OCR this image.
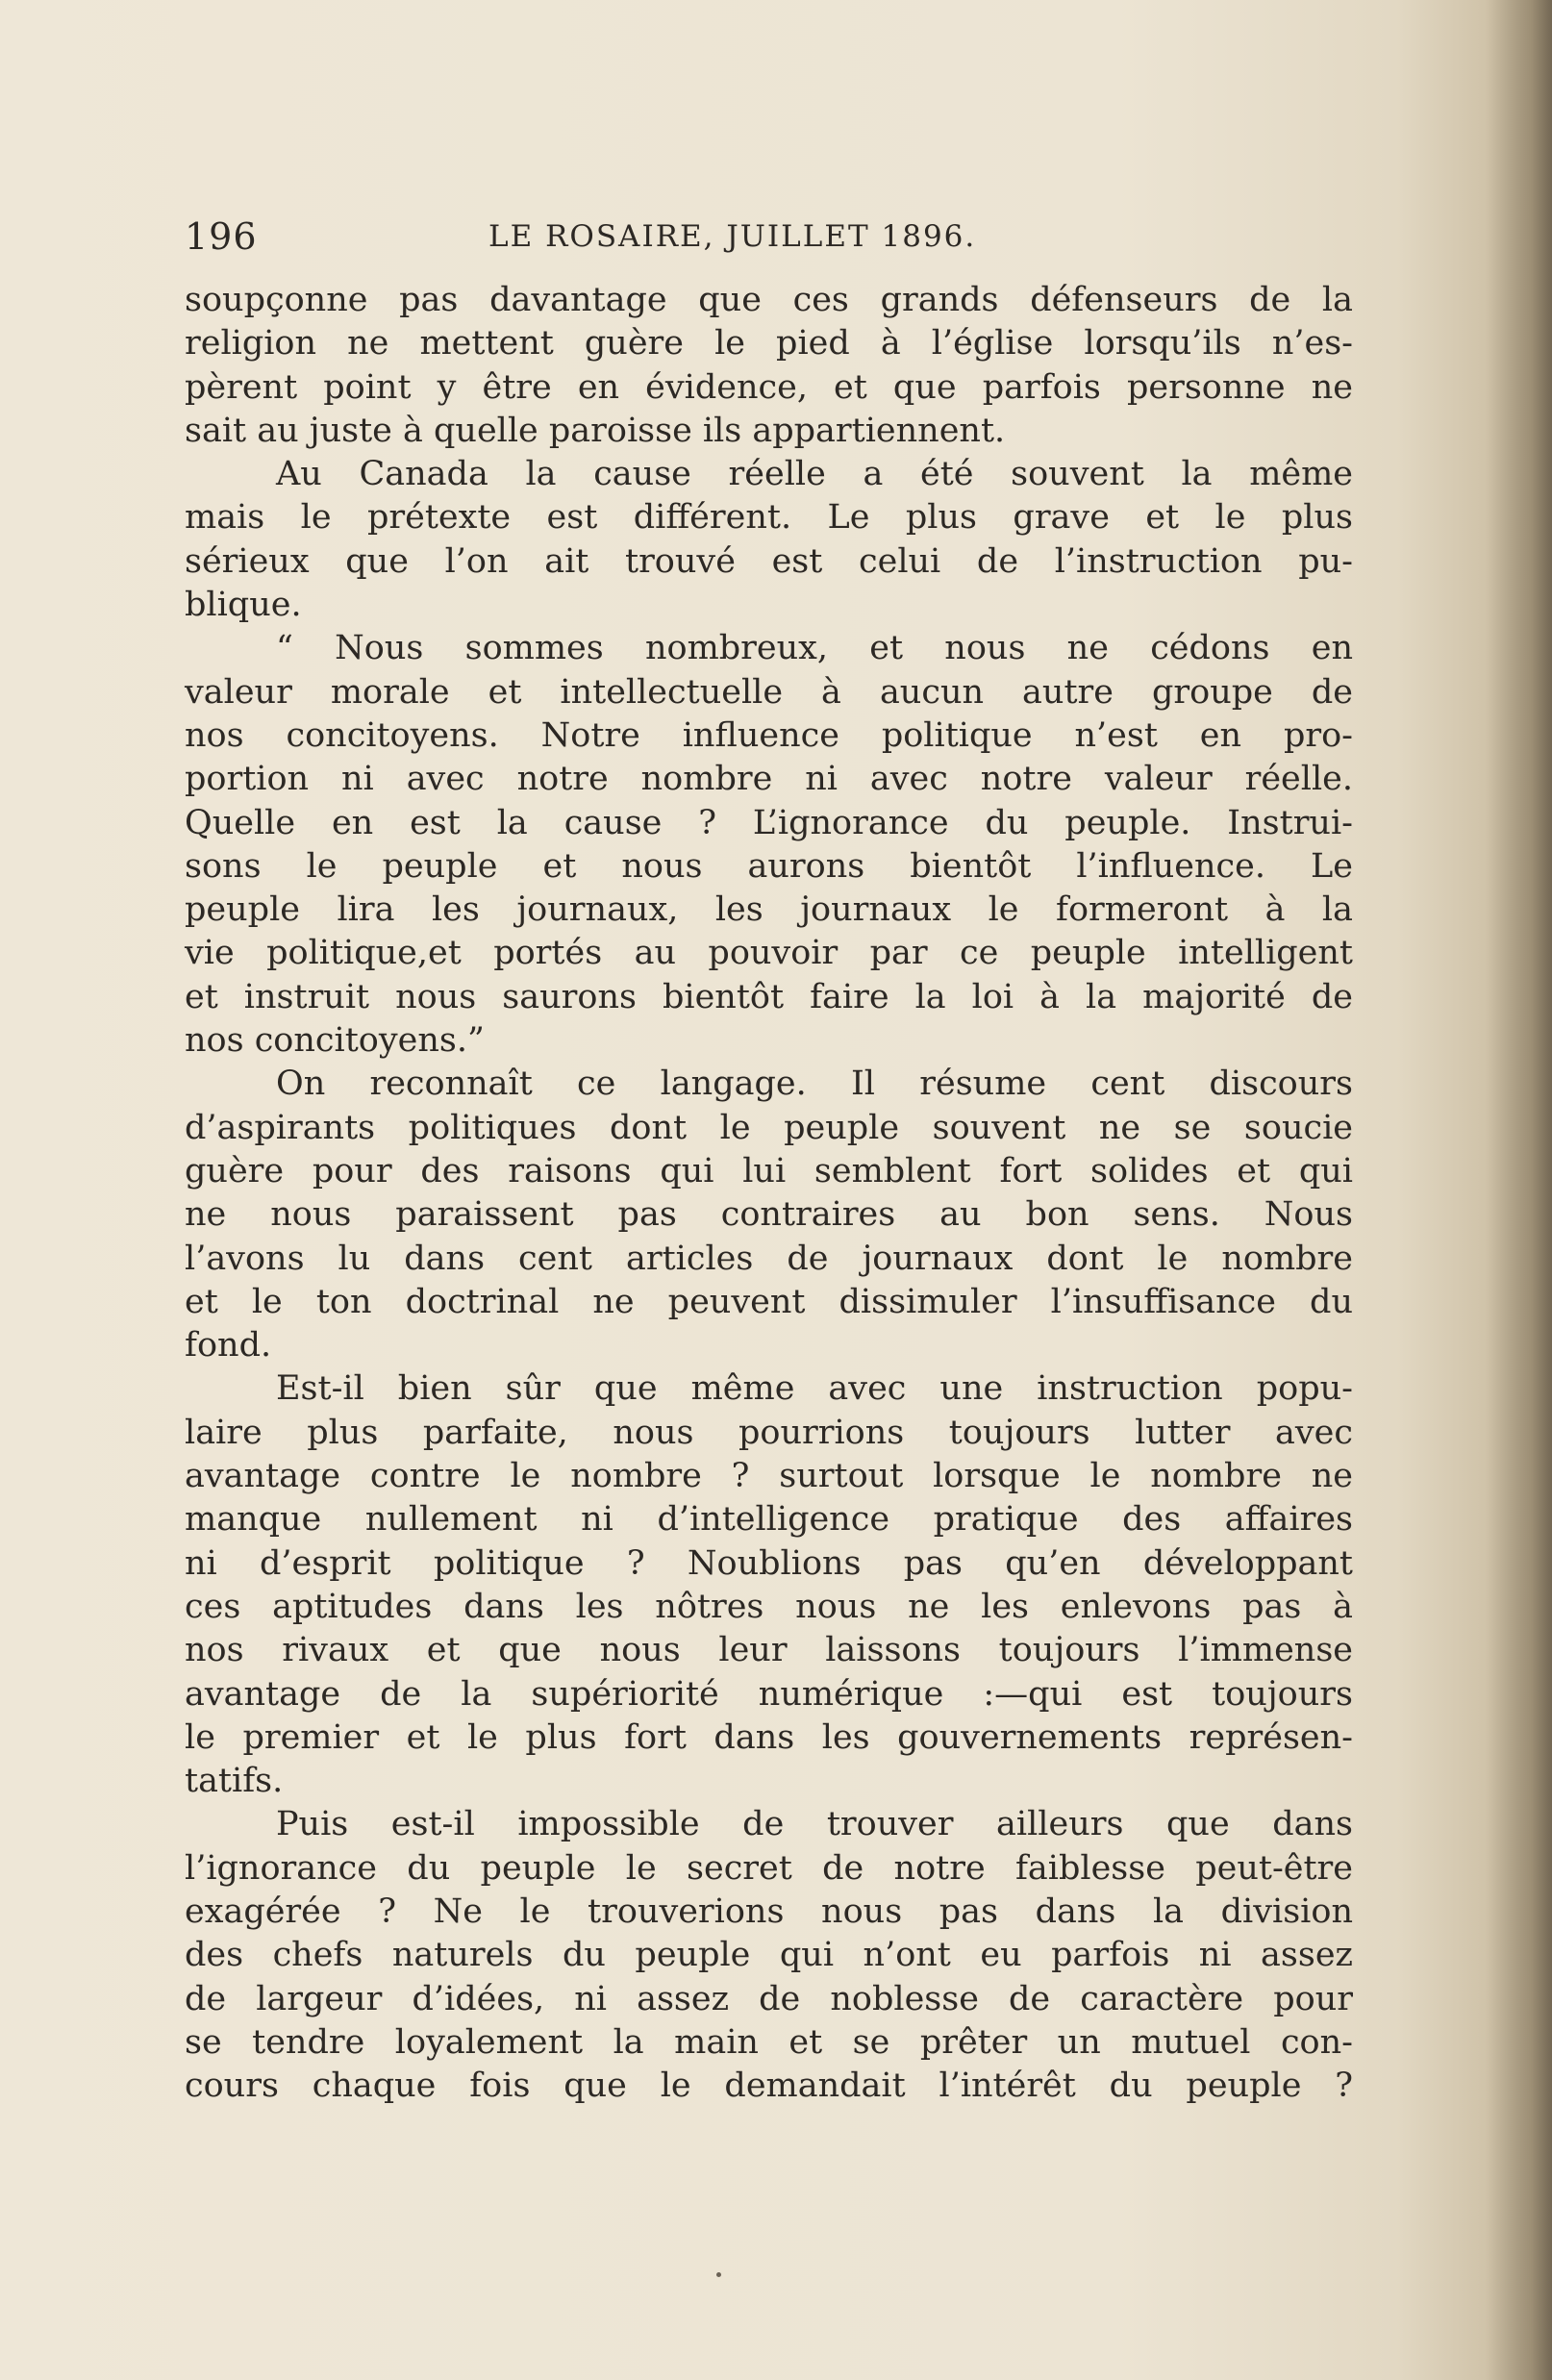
196	LE ROSAIRE, JUILLET 1896.
soupçonne pas davantage que ces grands défenseurs de la
religion ne mettent guère le pied à l’église lorsqu’ils n’es-
pèrent point y être en évidence, et que parfois personne ne
sait au juste à quelle paroisse ils appartiennent.
Au Canada la cause réelle a été souvent la même
mais le prétexte est différent. Le plus grave et le plus
sérieux que l’on ait trouvé est celui de l’instruction pu-
blique.
“ Nous sommes nombreux, et nous ne cédons en
valeur morale et intellectuelle à aucun autre groupe de
nos concitoyens. Notre influence politique n’est en pro-
portion ni avec notre nombre ni avec notre valeur réelle.
Quelle en est la cause ? L’ignorance du peuple. Instrui-
sons le peuple et nous aurons bientôt l’influence. Le
peuple lira les journaux, les journaux le formeront à la
vie politique,et portés au pouvoir par ce peuple intelligent
et instruit nous saurons bientôt faire la loi à la majorité de
nos concitoyens.”
On reconnaît ce langage. Il résume cent discours
d’aspirants politiques dont le peuple souvent ne se soucie
guère pour des raisons qui lui semblent fort solides et qui
ne nous paraissent pas contraires au bon sens. Nous
l’avons lu dans cent articles de journaux dont le nombre
et le ton doctrinal ne peuvent dissimuler l’insuffisance du
fond.
Est-il bien sûr que même avec une instruction popu-
laire plus parfaite, nous pourrions toujours lutter avec
avantage contre le nombre ? surtout lorsque le nombre ne
manque nullement ni d’intelligence pratique des affaires
ni d’esprit politique ? Noublions pas qu’en développant
ces aptitudes dans les nôtres nous ne les enlevons pas à
nos rivaux et que nous leur laissons toujours l’immense
avantage de la supériorité numérique :—qui est toujours
le premier et le plus fort dans les gouvernements représen-
tatifs.
Puis est-il impossible de trouver ailleurs que dans
l’ignorance du peuple le secret de notre faiblesse peut-être
exagérée ? Ne le trouverions nous pas dans la division
des chefs naturels du peuple qui n’ont eu parfois ni assez
de largeur d’idées, ni assez de noblesse de caractère pour
se tendre loyalement la main et se prêter un mutuel con-
cours chaque fois que le demandait l’intérêt du peuple ?
